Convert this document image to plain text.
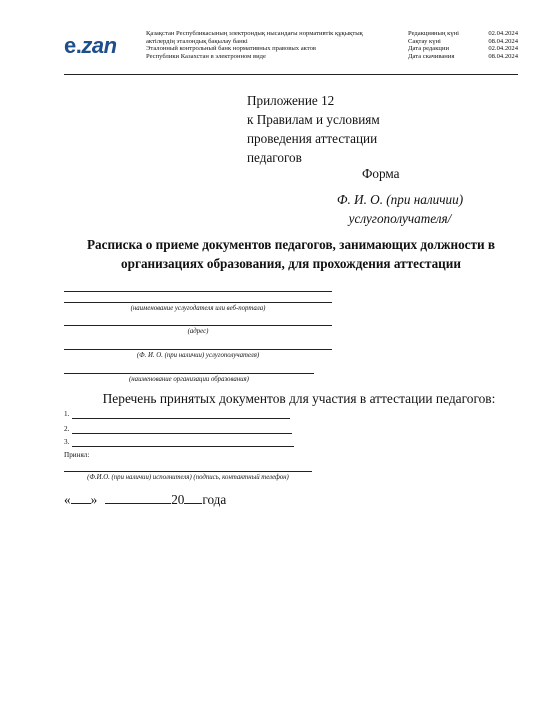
e.zan	Қазақстан Республикасының электрондық нысандағы нормативтік құқықтық
актілердің эталондық бақылау банкі
Эталонный контрольный банк нормативных правовых актов
Республики Казахстан в электронном виде
Редакцияның күні	02.04.2024
Сақтау күні	08.04.2024
Дата редакции	02.04.2024
Дата скачивания	08.04.2024
Приложение 12
к Правилам и условиям
проведения аттестации
педагогов
Форма
Ф. И. О. (при наличии)
услугополучателя/
Расписка о приеме документов педагогов, занимающих должности в организациях образования, для прохождения аттестации
(наименование услугодателя или веб-портала)
(адрес)
(Ф. И. О. (при наличии) услугополучателя)
(наименование организации образования)
Перечень принятых документов для участия в аттестации педагогов:
1.
2.
3.
Принял:
(Ф.И.О. (при наличии) исполнителя) (подпись, контактный телефон)
« »	20 года
